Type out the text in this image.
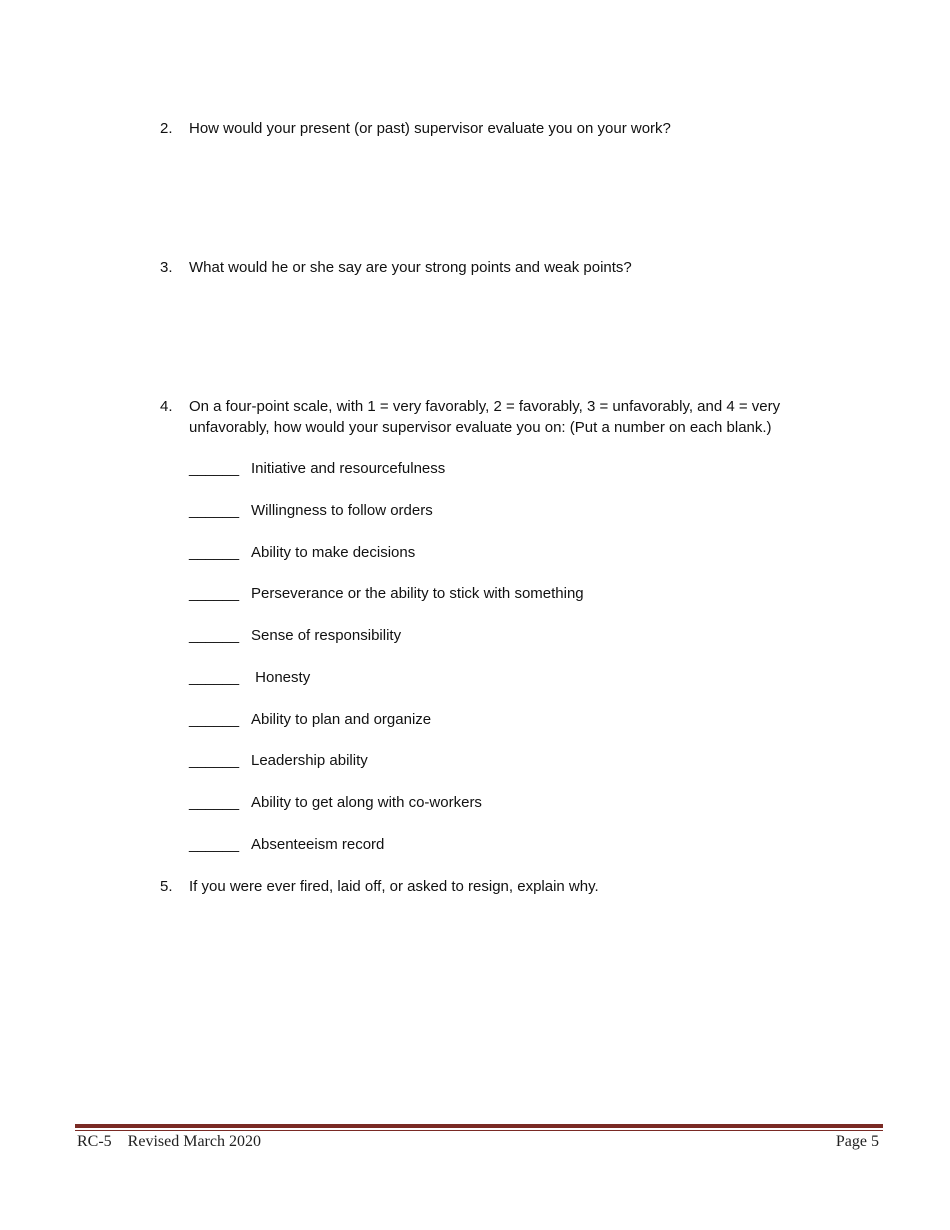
2. How would your present (or past) supervisor evaluate you on your work?
3. What would he or she say are your strong points and weak points?
4. On a four-point scale, with 1 = very favorably, 2 = favorably, 3 = unfavorably, and 4 = very unfavorably, how would your supervisor evaluate you on: (Put a number on each blank.)
______ Initiative and resourcefulness
______ Willingness to follow orders
______ Ability to make decisions
______ Perseverance or the ability to stick with something
______ Sense of responsibility
______ Honesty
______ Ability to plan and organize
______ Leadership ability
______ Ability to get along with co-workers
______ Absenteeism record
5. If you were ever fired, laid off, or asked to resign, explain why.
RC-5 Revised March 2020	Page 5
